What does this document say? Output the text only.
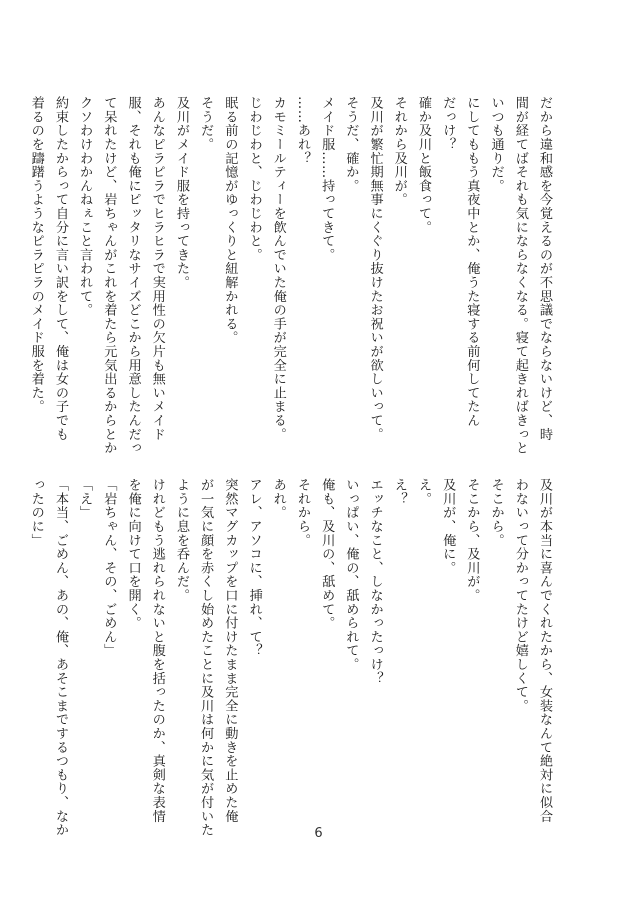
だから違和感を今覚えるのが不思議でならないけど、時
間が経てばそれも気にならなくなる。寝て起きればきっと
いつも通りだ。
にしてももう真夜中とか、俺うた寝する前何してたん
だっけ？
確か及川と飯食って。
それから及川が。
及川が繁忙期無事にくぐり抜けたお祝いが欲しいって。
そうだ、確か。
メイド服……持ってきて。
……あれ？
カモミールティーを飲んでいた俺の手が完全に止まる。
じわじわと、じわじわと。
眠る前の記憶がゆっくりと紐解かれる。
そうだ。
及川がメイド服を持ってきた。
あんなピラピラでヒラヒラで実用性の欠片も無いメイド
服、それも俺にピッタリなサイズどこから用意したんだっ
て呆れたけど、岩ちゃんがこれを着たら元気出るからとか
クソわけわかんねぇこと言われて。
約束したからって自分に言い訳をして、俺は女の子でも
着るのを躊躇うようなピラピラのメイド服を着た。
及川が本当に喜んでくれたから、女装なんて絶対に似合
わないって分かってたけど嬉しくて。
そこから。
そこから、及川が。
及川が、俺に。
え。
え？
エッチなこと、しなかったっけ？
いっぱい、俺の、舐められて。
俺も、及川の、舐めて。
それから。
あれ。
アレ、アソコに、挿れ、て？
突然マグカップを口に付けたまま完全に動きを止めた俺
が一気に顔を赤くし始めたことに及川は何かに気が付いた
ように息を呑んだ。
けれどもう逃れられないと腹を括ったのか、真剣な表情
を俺に向けて口を開く。
「岩ちゃん、その、ごめん」
「え」
「本当、ごめん、あの、俺、あそこまでするつもり、なか
ったのに」
6
